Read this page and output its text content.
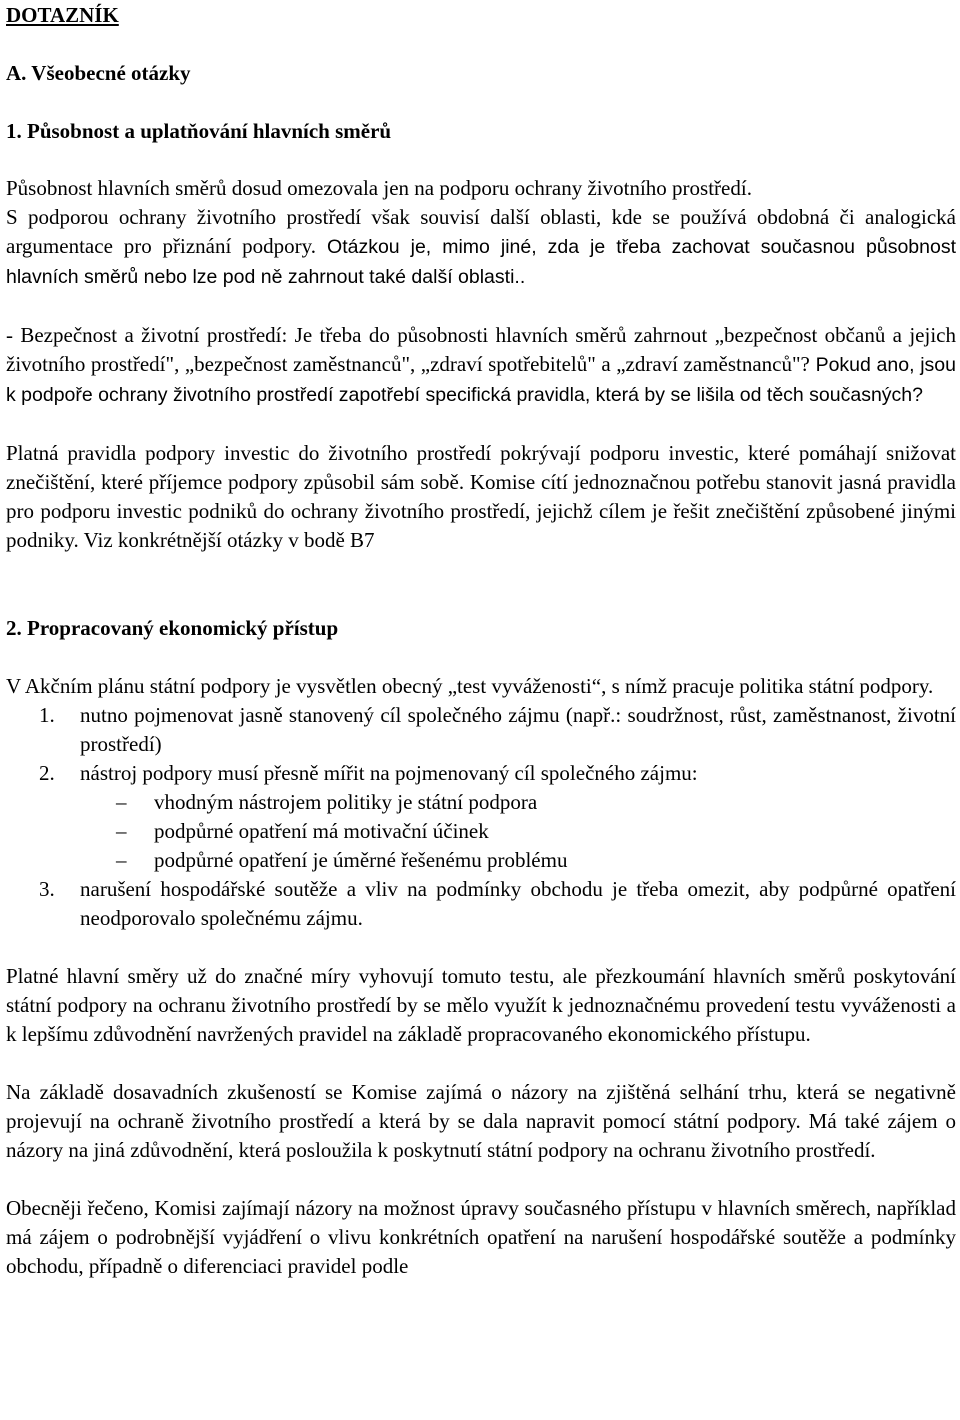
DOTAZNÍK
A. Všeobecné otázky
1. Působnost a uplatňování hlavních směrů

Působnost hlavních směrů dosud omezovala jen na podporu ochrany životního prostředí.
S podporou ochrany životního prostředí však souvisí další oblasti, kde se používá obdobná či analogická argumentace pro přiznání podpory. Otázkou je, mimo jiné, zda je třeba zachovat současnou působnost hlavních směrů nebo lze pod ně zahrnout také další oblasti..

- Bezpečnost a životní prostředí: Je třeba do působnosti hlavních směrů zahrnout „bezpečnost občanů a jejich životního prostředí", „bezpečnost zaměstnanců", „zdraví spotřebitelů" a „zdraví zaměstnanců"? Pokud ano, jsou k podpoře ochrany životního prostředí zapotřebí specifická pravidla, která by se lišila od těch současných?

Platná pravidla podpory investic do životního prostředí pokrývají podporu investic, které pomáhají snižovat znečištění, které příjemce podpory způsobil sám sobě. Komise cítí jednoznačnou potřebu stanovit jasná pravidla pro podporu investic podniků do ochrany životního prostředí, jejichž cílem je řešit znečištění způsobené jinými podniky. Viz konkrétnější otázky v bodě B7

2. Propracovaný ekonomický přístup

V Akčním plánu státní podpory je vysvětlen obecný „test vyváženosti“, s nímž pracuje politika státní podpory.

1. nutno pojmenovat jasně stanovený cíl společného zájmu (např.: soudržnost, růst, zaměstnanost, životní prostředí)
2. nástroj podpory musí přesně mířit na pojmenovaný cíl společného zájmu:
– vhodným nástrojem politiky je státní podpora
– podpůrné opatření má motivační účinek
– podpůrné opatření je úměrné řešenému problému
3. narušení hospodářské soutěže a vliv na podmínky obchodu je třeba omezit, aby podpůrné opatření neodporovalo společnému zájmu.

Platné hlavní směry už do značné míry vyhovují tomuto testu, ale přezkoumání hlavních směrů poskytování státní podpory na ochranu životního prostředí by se mělo využít k jednoznačnému provedení testu vyváženosti a k lepšímu zdůvodnění navržených pravidel na základě propracovaného ekonomického přístupu.

Na základě dosavadních zkušeností se Komise zajímá o názory na zjištěná selhání trhu, která se negativně projevují na ochraně životního prostředí a která by se dala napravit pomocí státní podpory. Má také zájem o názory na jiná zdůvodnění, která posloužila k poskytnutí státní podpory na ochranu životního prostředí.

Obecněji řečeno, Komisi zajímají názory na možnost úpravy současného přístupu v hlavních směrech, například má zájem o podrobnější vyjádření o vlivu konkrétních opatření na narušení hospodářské soutěže a podmínky obchodu, případně o diferenciaci pravidel podle
